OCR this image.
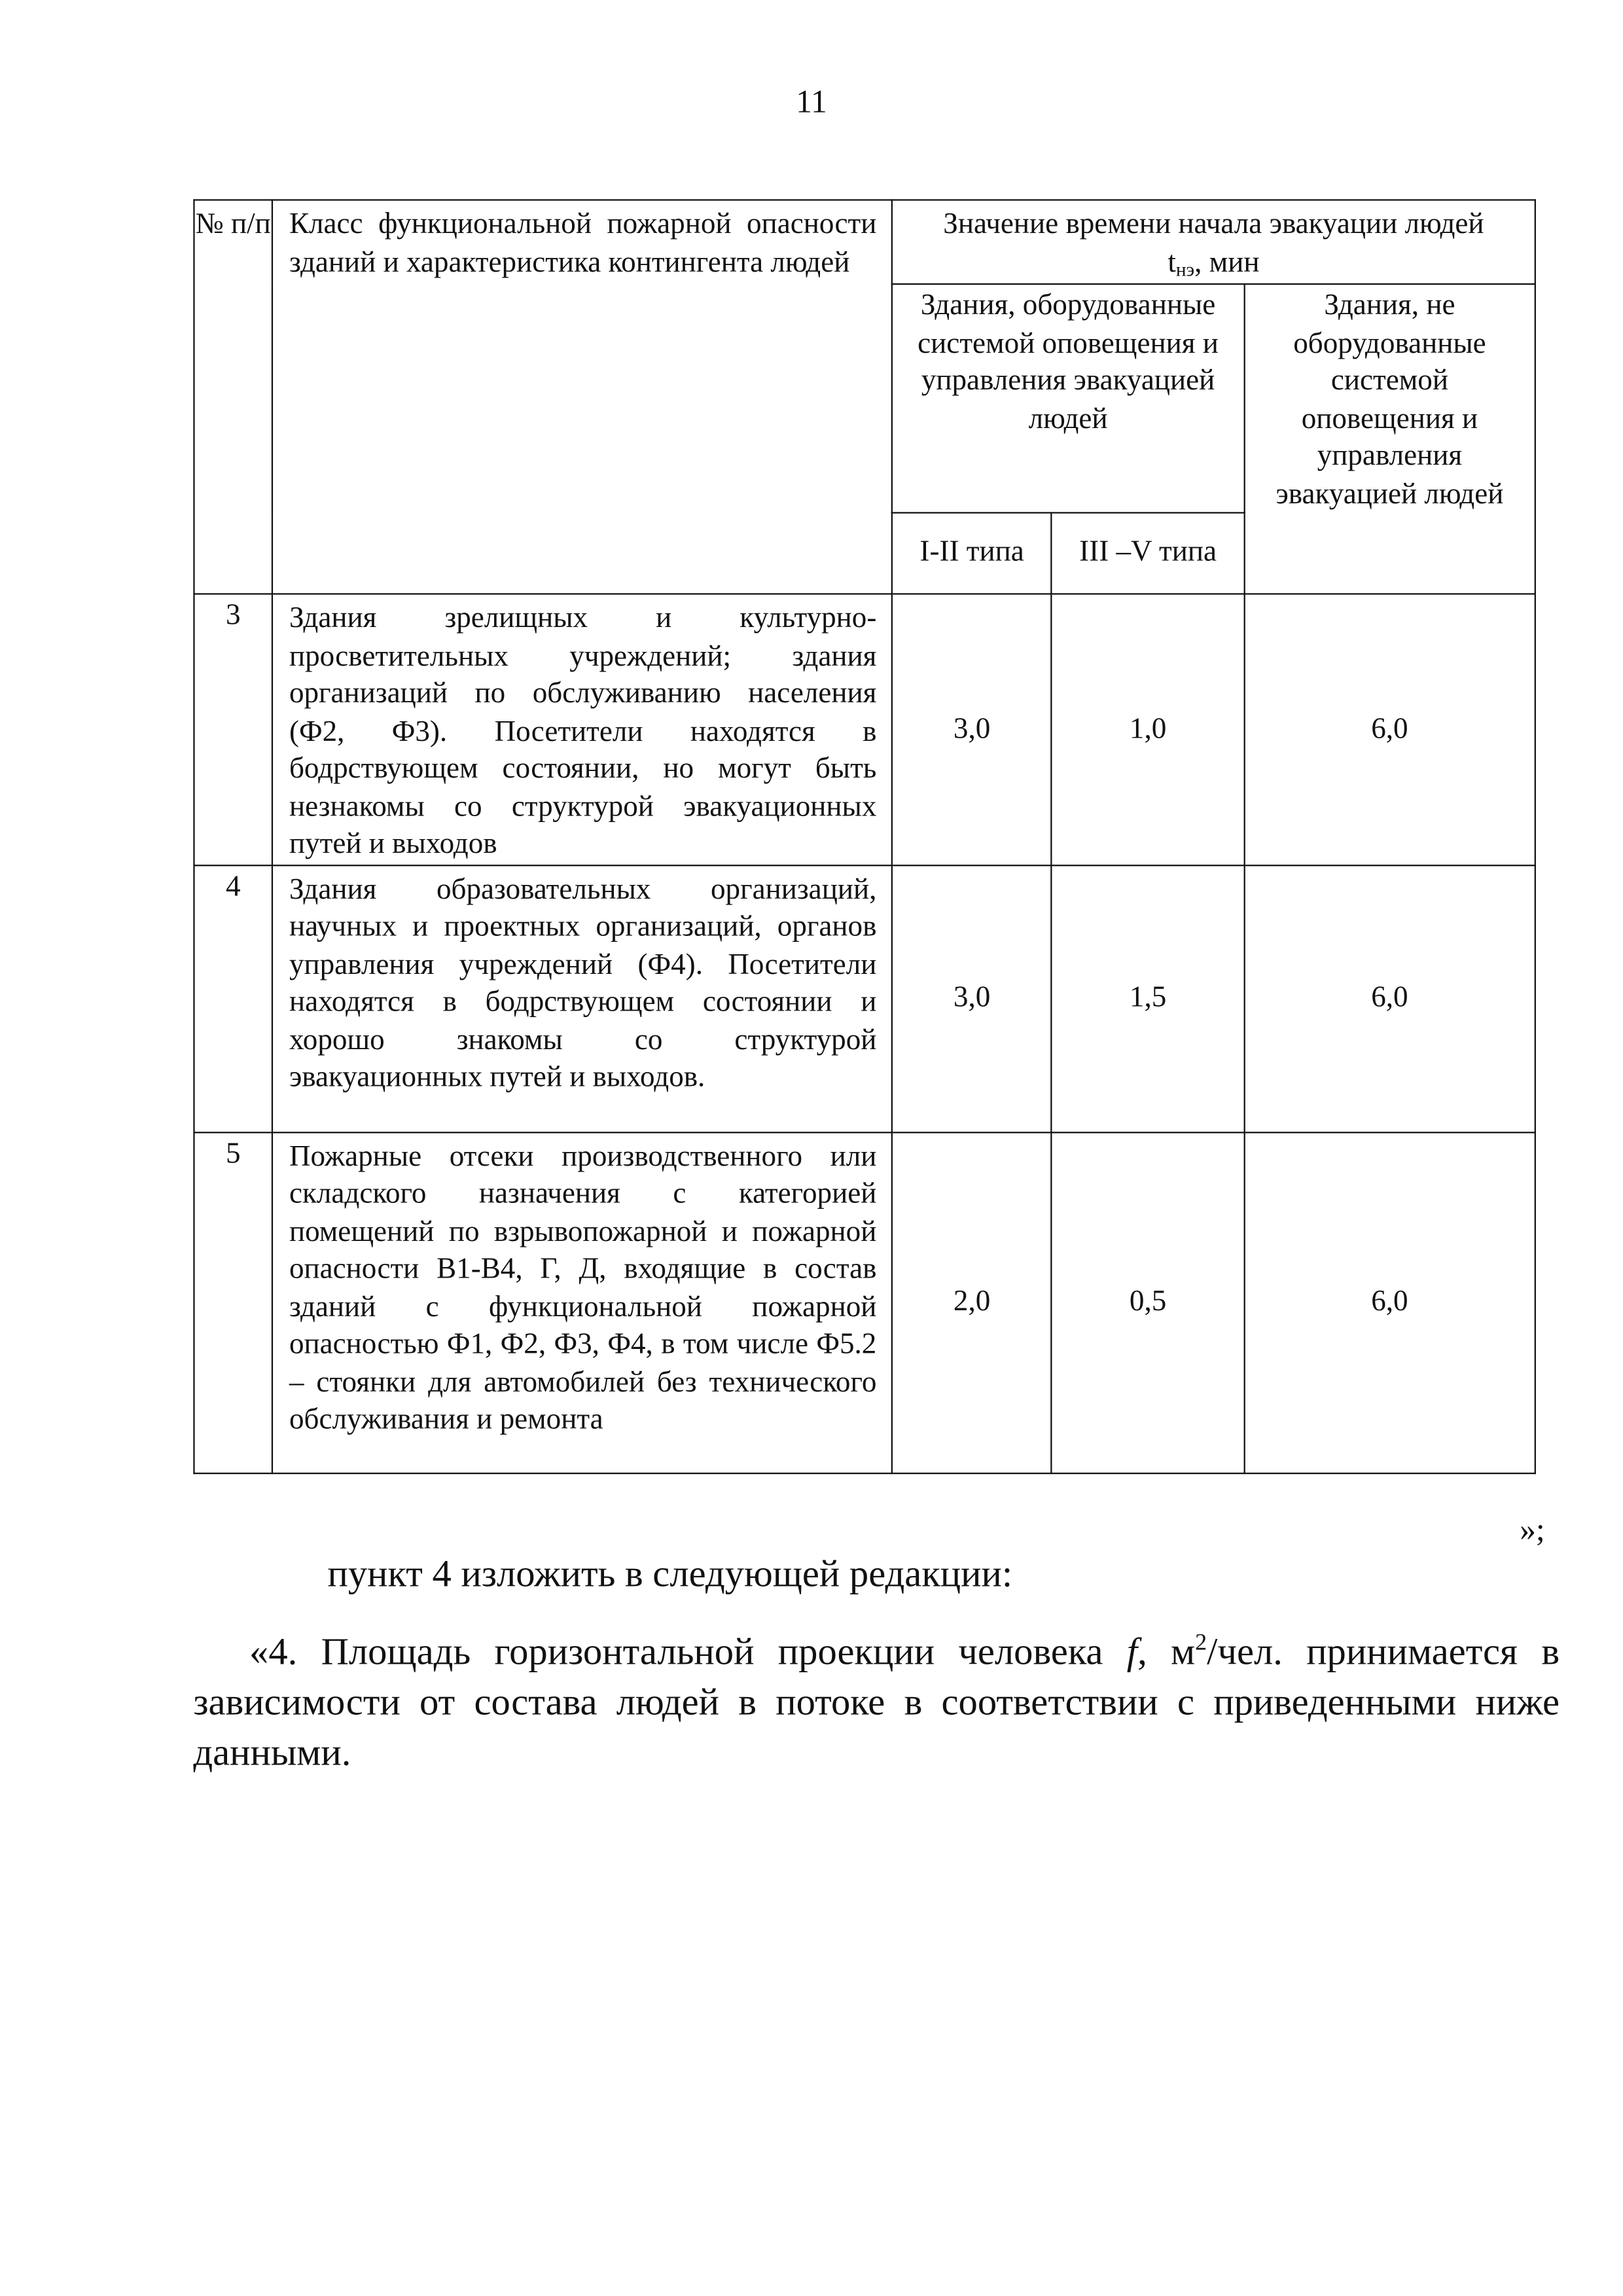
11
№ п/п	Класс функциональной пожарной опасности зданий и характеристика контингента людей	Значение времени начала эвакуации людей
tнэ, мин		
		Здания, оборудованные системой оповещения и управления эвакуацией людей		Здания, не оборудованные системой оповещения и управления эвакуацией людей
		I-II типа	III –V типа	
3	Здания зрелищных и культурно-просветительных учреждений; здания организаций по обслуживанию населения (Ф2, Ф3). Посетители находятся в бодрствующем состоянии, но могут быть незнакомы со структурой эвакуационных путей и выходов	3,0	1,0	6,0
4	Здания образовательных организаций, научных и проектных организаций, органов управления учреждений (Ф4). Посетители находятся в бодрствующем состоянии и хорошо знакомы со структурой эвакуационных путей и выходов.	3,0	1,5	6,0
5	Пожарные отсеки производственного или складского назначения с категорией помещений по взрывопожарной и пожарной опасности В1-В4, Г, Д, входящие в состав зданий с функциональной пожарной опасностью Ф1, Ф2, Ф3, Ф4, в том числе Ф5.2 – стоянки для автомобилей без технического обслуживания и ремонта	2,0	0,5	6,0
»;
пункт 4 изложить в следующей редакции:
«4. Площадь горизонтальной проекции человека f, $м^2$/чел. принимается в
зависимости от состава людей в потоке в соответствии с приведенными ниже
данными.
